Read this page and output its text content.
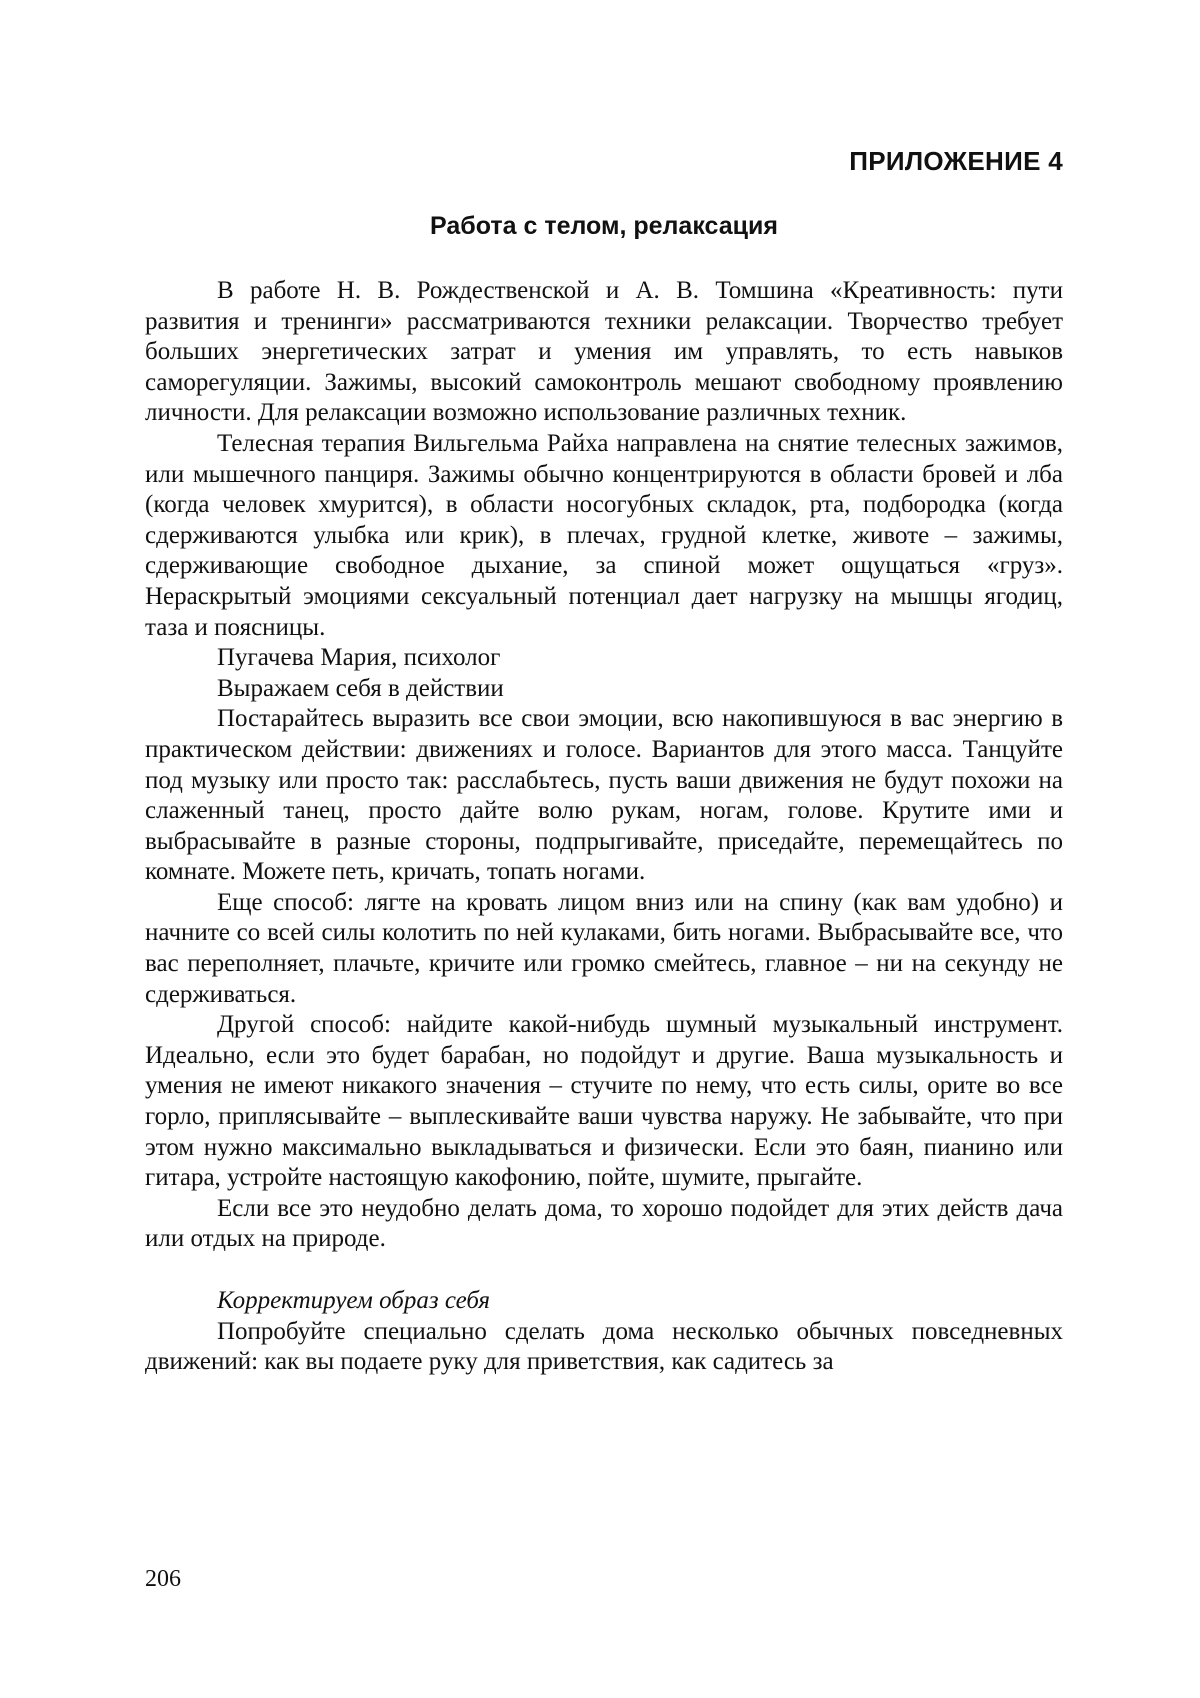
ПРИЛОЖЕНИЕ 4
Работа с телом, релаксация

В работе Н. В. Рождественской и А. В. Томшина «Креативность: пути развития и тренинги» рассматриваются техники релаксации. Творчество требует больших энергетических затрат и умения им управлять, то есть навыков саморегуляции. Зажимы, высокий самоконтроль мешают свободному проявлению личности. Для релаксации возможно использование различных техник.

Телесная терапия Вильгельма Райха направлена на снятие телесных зажимов, или мышечного панциря. Зажимы обычно концентрируются в области бровей и лба (когда человек хмурится), в области носогубных складок, рта, подбородка (когда сдерживаются улыбка или крик), в плечах, грудной клетке, животе – зажимы, сдерживающие свободное дыхание, за спиной может ощущаться «груз». Нераскрытый эмоциями сексуальный потенциал дает нагрузку на мышцы ягодиц, таза и поясницы.

Пугачева Мария, психолог

Выражаем себя в действии

Постарайтесь выразить все свои эмоции, всю накопившуюся в вас энергию в практическом действии: движениях и голосе. Вариантов для этого масса. Танцуйте под музыку или просто так: расслабьтесь, пусть ваши движения не будут похожи на слаженный танец, просто дайте волю рукам, ногам, голове. Крутите ими и выбрасывайте в разные стороны, подпрыгивайте, приседайте, перемещайтесь по комнате. Можете петь, кричать, топать ногами.

Еще способ: лягте на кровать лицом вниз или на спину (как вам удобно) и начните со всей силы колотить по ней кулаками, бить ногами. Выбрасывайте все, что вас переполняет, плачьте, кричите или громко смейтесь, главное – ни на секунду не сдерживаться.

Другой способ: найдите какой-нибудь шумный музыкальный инструмент. Идеально, если это будет барабан, но подойдут и другие. Ваша музыкальность и умения не имеют никакого значения – стучите по нему, что есть силы, орите во все горло, приплясывайте – выплескивайте ваши чувства наружу. Не забывайте, что при этом нужно максимально выкладываться и физически. Если это баян, пианино или гитара, устройте настоящую какофонию, пойте, шумите, прыгайте.

Если все это неудобно делать дома, то хорошо подойдет для этих действ дача или отдых на природе.

Корректируем образ себя

Попробуйте специально сделать дома несколько обычных повседневных движений: как вы подаете руку для приветствия, как садитесь за

206
